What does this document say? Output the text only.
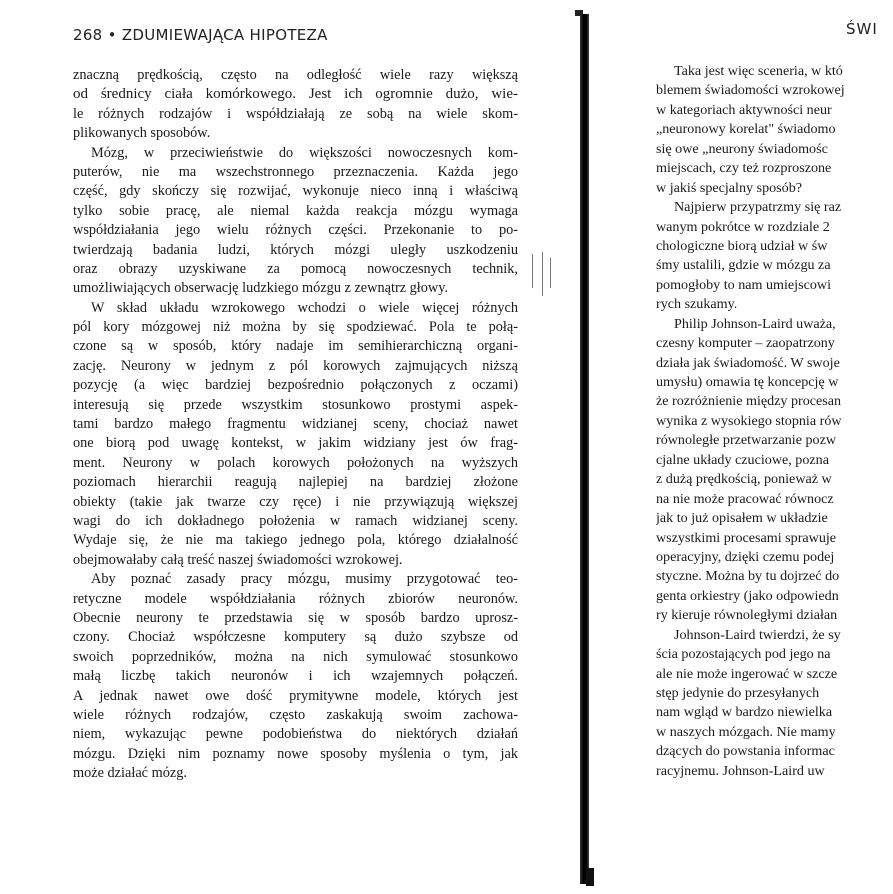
268 • ZDUMIEWAJĄCA HIPOTEZA
znaczną prędkością, często na odległość wiele razy większą
od średnicy ciała komórkowego. Jest ich ogromnie dużo, wie-
le różnych rodzajów i współdziałają ze sobą na wiele skom-
plikowanych sposobów.
Mózg, w przeciwieństwie do większości nowoczesnych kom-
puterów, nie ma wszechstronnego przeznaczenia. Każda jego
część, gdy skończy się rozwijać, wykonuje nieco inną i właściwą
tylko sobie pracę, ale niemal każda reakcja mózgu wymaga
współdziałania jego wielu różnych części. Przekonanie to po-
twierdzają badania ludzi, których mózgi uległy uszkodzeniu
oraz obrazy uzyskiwane za pomocą nowoczesnych technik,
umożliwiających obserwację ludzkiego mózgu z zewnątrz głowy.
W skład układu wzrokowego wchodzi o wiele więcej różnych
pól kory mózgowej niż można by się spodziewać. Pola te połą-
czone są w sposób, który nadaje im semihierarchiczną organi-
zację. Neurony w jednym z pól korowych zajmujących niższą
pozycję (a więc bardziej bezpośrednio połączonych z oczami)
interesują się przede wszystkim stosunkowo prostymi aspek-
tami bardzo małego fragmentu widzianej sceny, chociaż nawet
one biorą pod uwagę kontekst, w jakim widziany jest ów frag-
ment. Neurony w polach korowych położonych na wyższych
poziomach hierarchii reagują najlepiej na bardziej złożone
obiekty (takie jak twarze czy ręce) i nie przywiązują większej
wagi do ich dokładnego położenia w ramach widzianej sceny.
Wydaje się, że nie ma takiego jednego pola, którego działalność
obejmowałaby całą treść naszej świadomości wzrokowej.
Aby poznać zasady pracy mózgu, musimy przygotować teo-
retyczne modele współdziałania różnych zbiorów neuronów.
Obecnie neurony te przedstawia się w sposób bardzo uprosz-
czony. Chociaż współczesne komputery są dużo szybsze od
swoich poprzedników, można na nich symulować stosunkowo
małą liczbę takich neuronów i ich wzajemnych połączeń.
A jednak nawet owe dość prymitywne modele, których jest
wiele różnych rodzajów, często zaskakują swoim zachowa-
niem, wykazując pewne podobieństwa do niektórych działań
mózgu. Dzięki nim poznamy nowe sposoby myślenia o tym, jak
może działać mózg.
ŚWI
Taka jest więc sceneria, w któ
blemem świadomości wzrokowej
w kategoriach aktywności neur
„neuronowy korelat" świadomo
się owe „neurony świadomośc
miejscach, czy też rozproszone
w jakiś specjalny sposób?
Najpierw przypatrzmy się raz
wanym pokrótce w rozdziale 2
chologiczne biorą udział w św
śmy ustalili, gdzie w mózgu za
pomogłoby to nam umiejscowi
rych szukamy.
Philip Johnson-Laird uważa,
czesny komputer – zaopatrzony
działa jak świadomość. W swoje
umysłu) omawia tę koncepcję w
że rozróżnienie między procesan
wynika z wysokiego stopnia rów
równoległe przetwarzanie pozw
cjalne układy czuciowe, pozna
z dużą prędkością, ponieważ w
na nie może pracować równocz
jak to już opisałem w układzie
wszystkimi procesami sprawuje
operacyjny, dzięki czemu podej
styczne. Można by tu dojrzeć do
genta orkiestry (jako odpowiedn
ry kieruje równoległymi działan
Johnson-Laird twierdzi, że sy
ścia pozostających pod jego na
ale nie może ingerować w szcze
stęp jedynie do przesyłanych
nam wgląd w bardzo niewielka
w naszych mózgach. Nie mamy
dzących do powstania informac
racyjnemu. Johnson-Laird uw
